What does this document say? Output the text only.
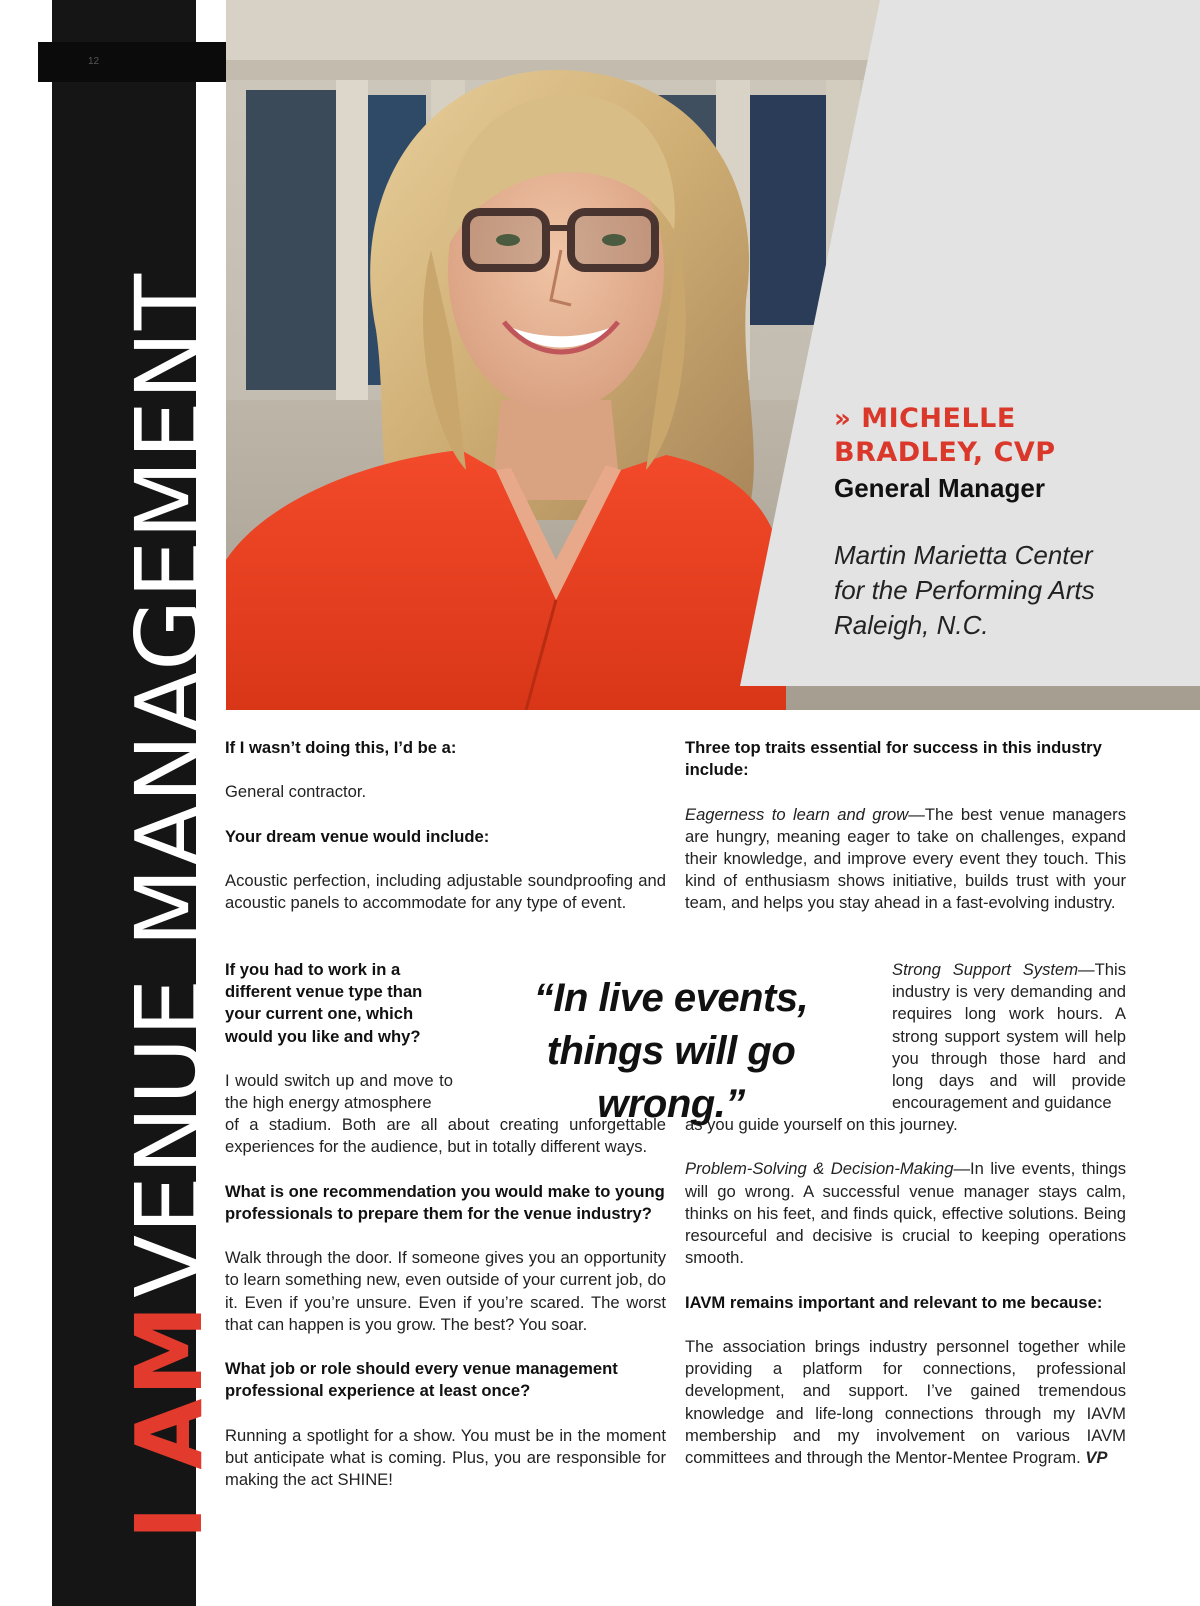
12
I AM VENUE MANAGEMENT	» MICHELLE
BRADLEY, CVP
General Manager
Martin Marietta Center
for the Performing Arts
Raleigh, N.C.

If I wasn’t doing this, I’d be a:

General contractor.

Your dream venue would include:

Acoustic perfection, including adjustable soundproofing and acoustic panels to accommodate for any type of event.

If you had to work in a different venue type than your current one, which would you like and why?

I would switch up and move to the high energy atmosphere

of a stadium. Both are all about creating unforgettable experiences for the audience, but in totally different ways.

What is one recommendation you would make to young professionals to prepare them for the venue industry?

Walk through the door. If someone gives you an opportunity to learn something new, even outside of your current job, do it. Even if you’re unsure. Even if you’re scared. The worst that can happen is you grow. The best? You soar.

What job or role should every venue management professional experience at least once?

Running a spotlight for a show. You must be in the moment but anticipate what is coming. Plus, you are responsible for making the act SHINE!

“In live events, things will go wrong.”

Three top traits essential for success in this industry include:

Eagerness to learn and grow—The best venue managers are hungry, meaning eager to take on challenges, expand their knowledge, and improve every event they touch. This kind of enthusiasm shows initiative, builds trust with your team, and helps you stay ahead in a fast-evolving industry.

Strong Support System—This industry is very demanding and requires long work hours. A strong support system will help you through those hard and long days and will provide encouragement and guidance

as you guide yourself on this journey.

Problem-Solving & Decision-Making—In live events, things will go wrong. A successful venue manager stays calm, thinks on his feet, and finds quick, effective solutions. Being resourceful and decisive is crucial to keeping operations smooth.

IAVM remains important and relevant to me because:

The association brings industry personnel together while providing a platform for connections, professional development, and support. I’ve gained tremendous knowledge and life-long connections through my IAVM membership and my involvement on various IAVM committees and through the Mentor-Mentee Program. VP
